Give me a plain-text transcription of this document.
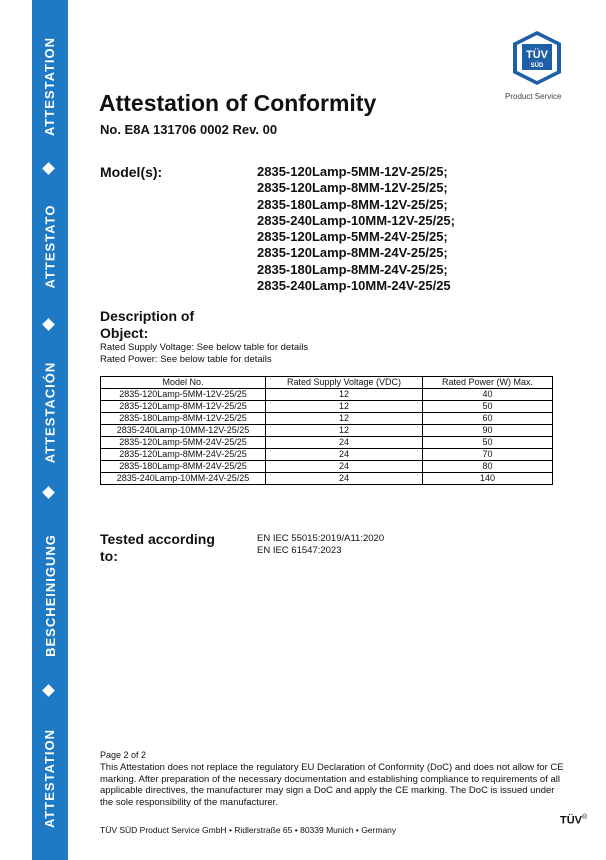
ATTESTATION
ATTESTATO
ATTESTACIÓN
BESCHEINIGUNG
ATTESTATION
TÜV
SÜD
Product Service
Attestation of Conformity
No. E8A 131706 0002 Rev. 00
Model(s):	2835-120Lamp-5MM-12V-25/25;
2835-120Lamp-8MM-12V-25/25;
2835-180Lamp-8MM-12V-25/25;
2835-240Lamp-10MM-12V-25/25;
2835-120Lamp-5MM-24V-25/25;
2835-120Lamp-8MM-24V-25/25;
2835-180Lamp-8MM-24V-25/25;
2835-240Lamp-10MM-24V-25/25
Description of Object:
Rated Supply Voltage: See below table for details
Rated Power: See below table for details
Model No.	Rated Supply Voltage (VDC)	Rated Power (W) Max.
2835-120Lamp-5MM-12V-25/25	12	40
2835-120Lamp-8MM-12V-25/25	12	50
2835-180Lamp-8MM-12V-25/25	12	60
2835-240Lamp-10MM-12V-25/25	12	90
2835-120Lamp-5MM-24V-25/25	24	50
2835-120Lamp-8MM-24V-25/25	24	70
2835-180Lamp-8MM-24V-25/25	24	80
2835-240Lamp-10MM-24V-25/25	24	140
Tested according to:
EN IEC 55015:2019/A11:2020
EN IEC 61547:2023
Page 2 of 2

This Attestation does not replace the regulatory EU Declaration of Conformity (DoC) and does not allow for CE marking. After preparation of the necessary documentation and establishing compliance to requirements of all applicable directives, the manufacturer may sign a DoC and apply the CE marking. The DoC is issued under the sole responsibility of the manufacturer.

TÜV SÜD Product Service GmbH • Ridlerstraße 65 • 80339 Munich • Germany
TÜV®
